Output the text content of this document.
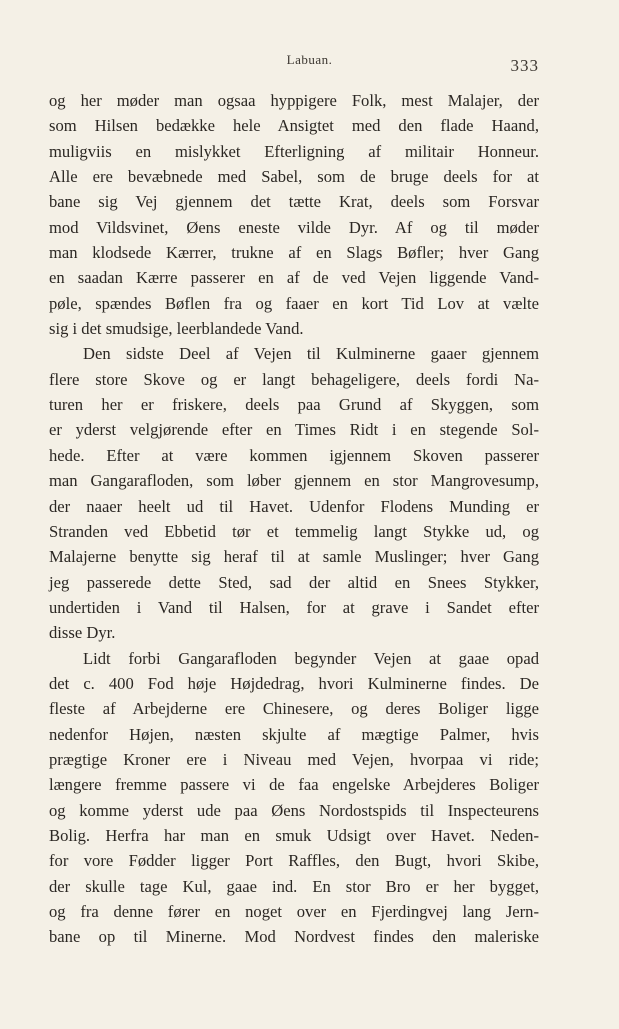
Labuan.	333
og her møder man ogsaa hyppigere Folk, mest Malajer, der
som Hilsen bedække hele Ansigtet med den flade Haand,
muligviis en mislykket Efterligning af militair Honneur.
Alle ere bevæbnede med Sabel, som de bruge deels for at
bane sig Vej gjennem det tætte Krat, deels som Forsvar
mod Vildsvinet, Øens eneste vilde Dyr. Af og til møder
man klodsede Kærrer, trukne af en Slags Bøfler; hver Gang
en saadan Kærre passerer en af de ved Vejen liggende Vand-
pøle, spændes Bøflen fra og faaer en kort Tid Lov at vælte
sig i det smudsige, leerblandede Vand.
Den sidste Deel af Vejen til Kulminerne gaaer gjennem
flere store Skove og er langt behageligere, deels fordi Na-
turen her er friskere, deels paa Grund af Skyggen, som
er yderst velgjørende efter en Times Ridt i en stegende Sol-
hede. Efter at være kommen igjennem Skoven passerer
man Gangarafloden, som løber gjennem en stor Mangrovesump,
der naaer heelt ud til Havet. Udenfor Flodens Munding er
Stranden ved Ebbetid tør et temmelig langt Stykke ud, og
Malajerne benytte sig heraf til at samle Muslinger; hver Gang
jeg passerede dette Sted, sad der altid en Snees Stykker,
undertiden i Vand til Halsen, for at grave i Sandet efter
disse Dyr.
Lidt forbi Gangarafloden begynder Vejen at gaae opad
det c. 400 Fod høje Højdedrag, hvori Kulminerne findes. De
fleste af Arbejderne ere Chinesere, og deres Boliger ligge
nedenfor Højen, næsten skjulte af mægtige Palmer, hvis
prægtige Kroner ere i Niveau med Vejen, hvorpaa vi ride;
længere fremme passere vi de faa engelske Arbejderes Boliger
og komme yderst ude paa Øens Nordostspids til Inspecteurens
Bolig. Herfra har man en smuk Udsigt over Havet. Neden-
for vore Fødder ligger Port Raffles, den Bugt, hvori Skibe,
der skulle tage Kul, gaae ind. En stor Bro er her bygget,
og fra denne fører en noget over en Fjerdingvej lang Jern-
bane op til Minerne. Mod Nordvest findes den maleriske
